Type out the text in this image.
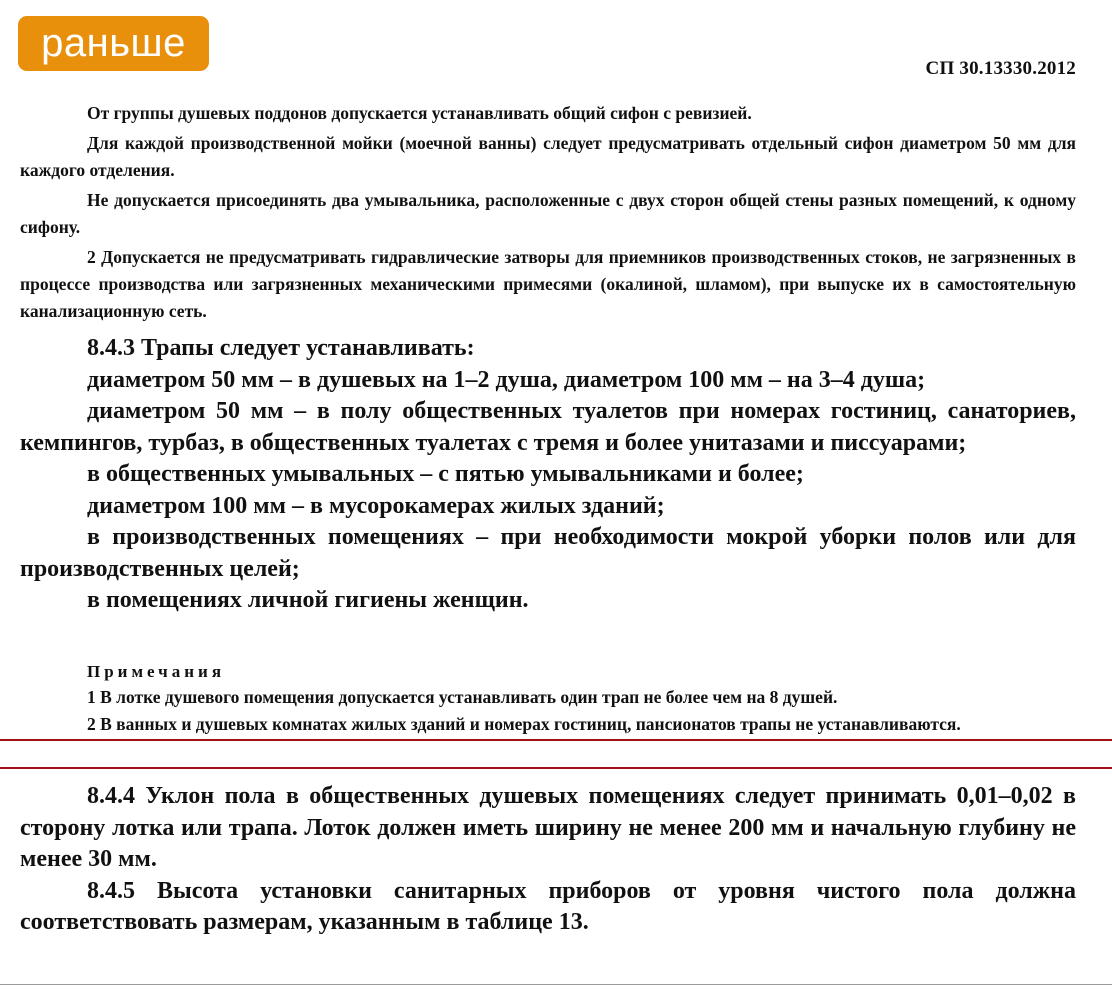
раньше
СП 30.13330.2012

От группы душевых поддонов допускается устанавливать общий сифон с ревизией.

Для каждой производственной мойки (моечной ванны) следует предусматривать отдельный сифон диаметром 50 мм для каждого отделения.

Не допускается присоединять два умывальника, расположенные с двух сторон общей стены разных помещений, к одному сифону.

2 Допускается не предусматривать гидравлические затворы для приемников производственных стоков, не загрязненных в процессе производства или загрязненных механическими примесями (окалиной, шламом), при выпуске их в самостоятельную канализационную сеть.

8.4.3 Трапы следует устанавливать:

диаметром 50 мм – в душевых на 1–2 душа, диаметром 100 мм – на 3–4 душа;

диаметром 50 мм – в полу общественных туалетов при номерах гостиниц, санаториев, кемпингов, турбаз, в общественных туалетах с тремя и более унитазами и писсуарами;

в общественных умывальных – с пятью умывальниками и более;

диаметром 100 мм – в мусорокамерах жилых зданий;

в производственных помещениях – при необходимости мокрой уборки полов или для производственных целей;

в помещениях личной гигиены женщин.

Примечания

1 В лотке душевого помещения допускается устанавливать один трап не более чем на 8 душей.

2 В ванных и душевых комнатах жилых зданий и номерах гостиниц, пансионатов трапы не устанавливаются.

8.4.4 Уклон пола в общественных душевых помещениях следует принимать 0,01–0,02 в сторону лотка или трапа. Лоток должен иметь ширину не менее 200 мм и начальную глубину не менее 30 мм.

8.4.5 Высота установки санитарных приборов от уровня чистого пола должна соответствовать размерам, указанным в таблице 13.
